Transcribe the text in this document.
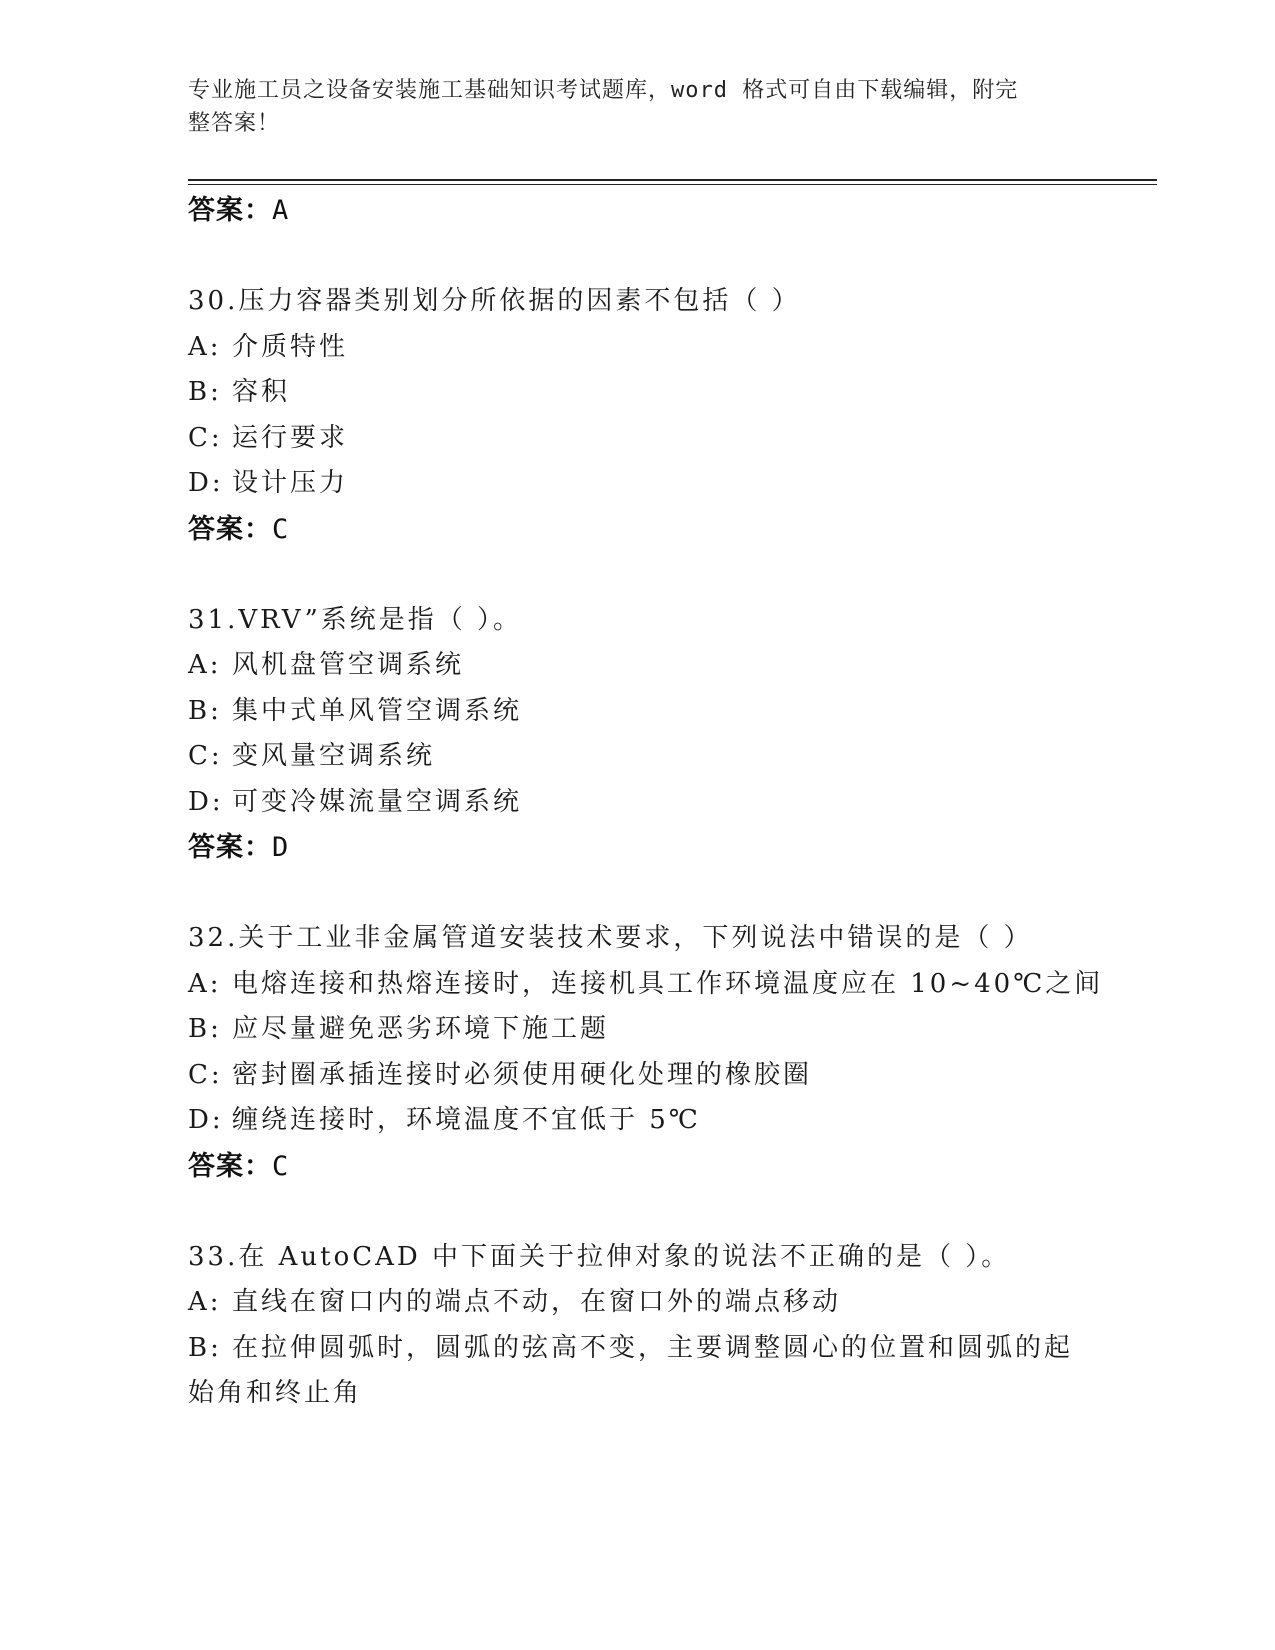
专业施工员之设备安装施工基础知识考试题库，word 格式可自由下载编辑，附完
整答案！
答案：A
30.压力容器类别划分所依据的因素不包括（ ）
A: 介质特性
B: 容积
C: 运行要求
D: 设计压力
答案：C
31.VRV”系统是指（ ）。
A: 风机盘管空调系统
B: 集中式单风管空调系统
C: 变风量空调系统
D: 可变冷媒流量空调系统
答案：D
32.关于工业非金属管道安装技术要求，下列说法中错误的是（ ）
A: 电熔连接和热熔连接时，连接机具工作环境温度应在 10~40℃之间
B: 应尽量避免恶劣环境下施工题
C: 密封圈承插连接时必须使用硬化处理的橡胶圈
D: 缠绕连接时，环境温度不宜低于 5℃
答案：C
33.在 AutoCAD 中下面关于拉伸对象的说法不正确的是（ ）。
A: 直线在窗口内的端点不动，在窗口外的端点移动
B: 在拉伸圆弧时，圆弧的弦高不变，主要调整圆心的位置和圆弧的起
始角和终止角
